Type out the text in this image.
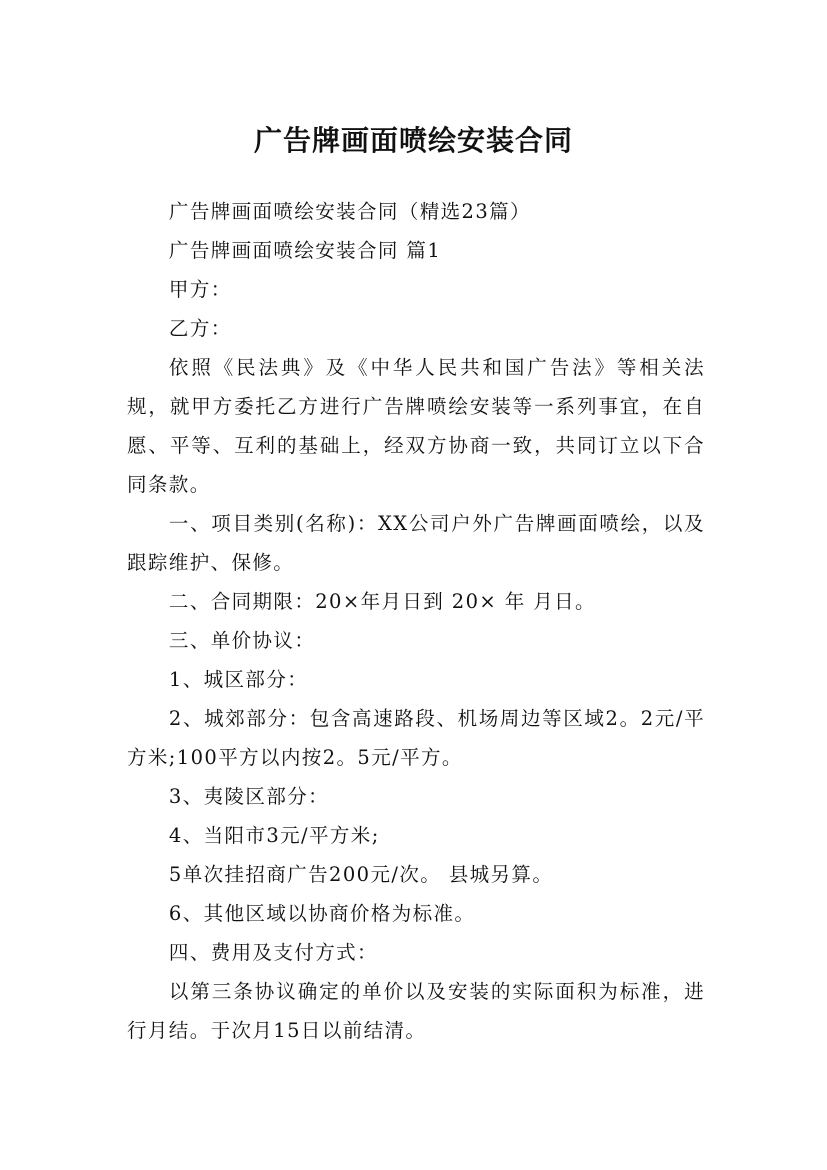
广告牌画面喷绘安装合同

广告牌画面喷绘安装合同（精选23篇）

广告牌画面喷绘安装合同 篇1

甲方：

乙方：

依照《民法典》及《中华人民共和国广告法》等相关法规，就甲方委托乙方进行广告牌喷绘安装等一系列事宜，在自愿、平等、互利的基础上，经双方协商一致，共同订立以下合同条款。

一、项目类别(名称)：XX公司户外广告牌画面喷绘，以及跟踪维护、保修。

二、合同期限：20×年月日到 20× 年 月日。

三、单价协议：

1、城区部分：

2、城郊部分：包含高速路段、机场周边等区域2。2元/平方米;100平方以内按2。5元/平方。

3、夷陵区部分：

4、当阳市3元/平方米;

5单次挂招商广告200元/次。 县城另算。

6、其他区域以协商价格为标准。

四、费用及支付方式：

以第三条协议确定的单价以及安装的实际面积为标准，进行月结。于次月15日以前结清。
